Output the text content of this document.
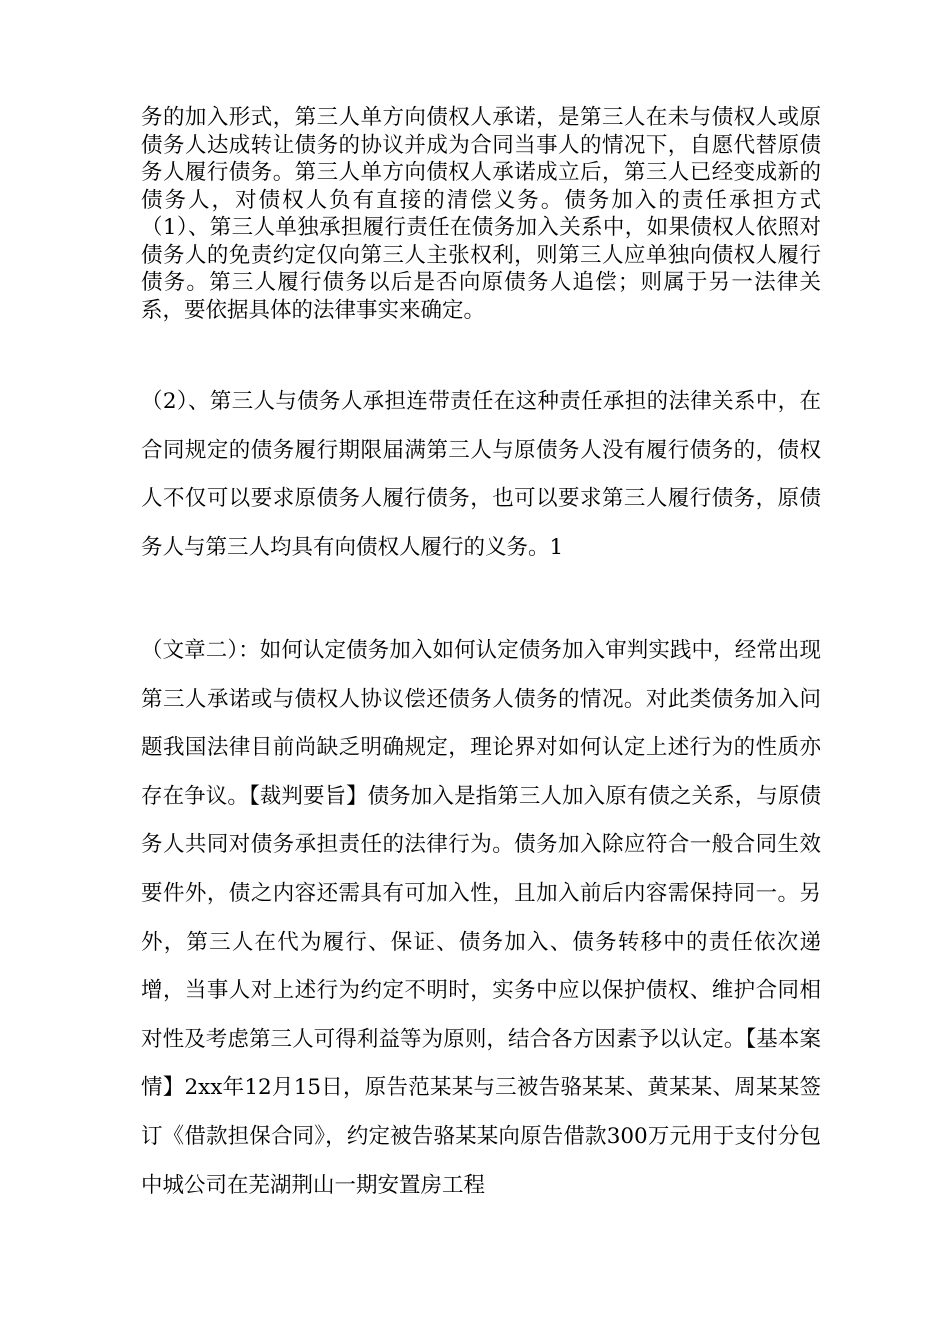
务的加入形式，第三人单方向债权人承诺，是第三人在未与债权人或原债务人达成转让债务的协议并成为合同当事人的情况下，自愿代替原债务人履行债务。第三人单方向债权人承诺成立后，第三人已经变成新的债务人，对债权人负有直接的清偿义务。债务加入的责任承担方式（1）、第三人单独承担履行责任在债务加入关系中，如果债权人依照对债务人的免责约定仅向第三人主张权利，则第三人应单独向债权人履行债务。第三人履行债务以后是否向原债务人追偿；则属于另一法律关系，要依据具体的法律事实来确定。

（2）、第三人与债务人承担连带责任在这种责任承担的法律关系中，在合同规定的债务履行期限届满第三人与原债务人没有履行债务的，债权人不仅可以要求原债务人履行债务，也可以要求第三人履行债务，原债务人与第三人均具有向债权人履行的义务。1

（文章二）：如何认定债务加入如何认定债务加入审判实践中，经常出现第三人承诺或与债权人协议偿还债务人债务的情况。对此类债务加入问题我国法律目前尚缺乏明确规定，理论界对如何认定上述行为的性质亦存在争议。【裁判要旨】债务加入是指第三人加入原有债之关系，与原债务人共同对债务承担责任的法律行为。债务加入除应符合一般合同生效要件外，债之内容还需具有可加入性，且加入前后内容需保持同一。另外，第三人在代为履行、保证、债务加入、债务转移中的责任依次递增，当事人对上述行为约定不明时，实务中应以保护债权、维护合同相对性及考虑第三人可得利益等为原则，结合各方因素予以认定。【基本案情】2xx年12月15日，原告范某某与三被告骆某某、黄某某、周某某签订《借款担保合同》，约定被告骆某某向原告借款300万元用于支付分包中城公司在芜湖荆山一期安置房工程
